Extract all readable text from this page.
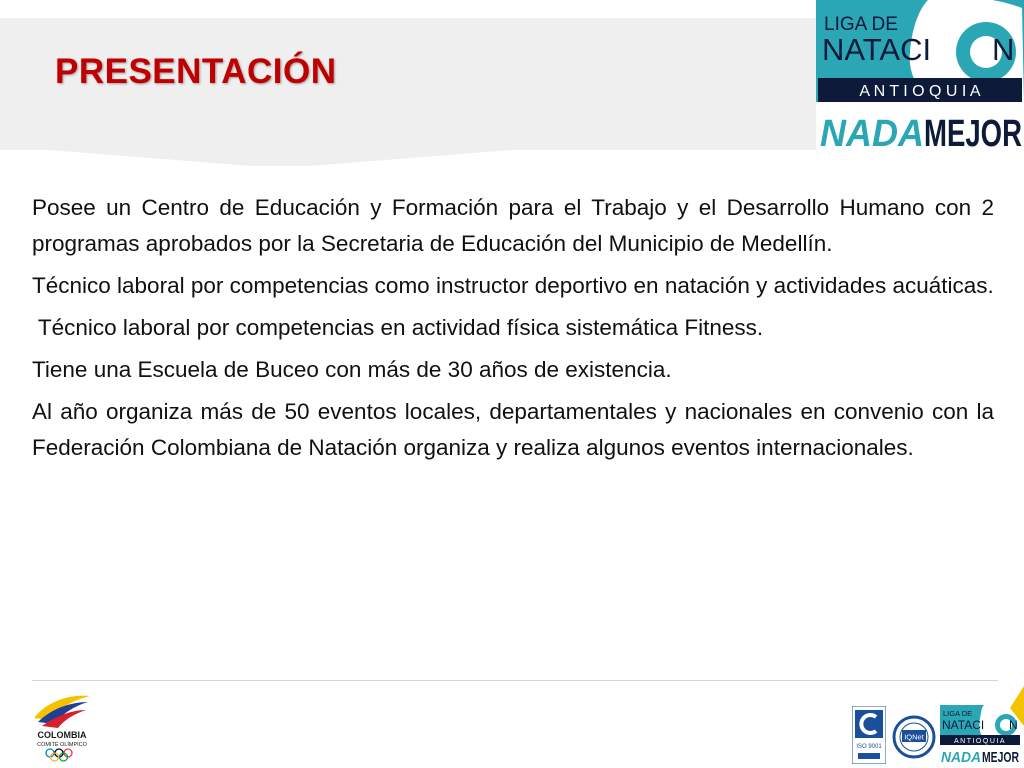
PRESENTACIÓN
LIGA DE
NATACI N
A N T I O Q U I A
NADA MEJOR

Posee un Centro de Educación y Formación para el Trabajo y el Desarrollo Humano con 2 programas aprobados por la Secretaria de Educación del Municipio de Medellín.

Técnico laboral por competencias como instructor deportivo en natación y actividades acuáticas.

Técnico laboral por competencias en actividad física sistemática Fitness.

Tiene una Escuela de Buceo con más de 30 años de existencia.

Al año organiza más de 50 eventos locales, departamentales y nacionales en convenio con la Federación Colombiana de Natación organiza y realiza algunos eventos internacionales.

COLOMBIA
COMITÉ OLÍMPICO	ISO 9001
IQNet
LIGA DE
NATACI N
ANTIOQUIA
NADA MEJOR
